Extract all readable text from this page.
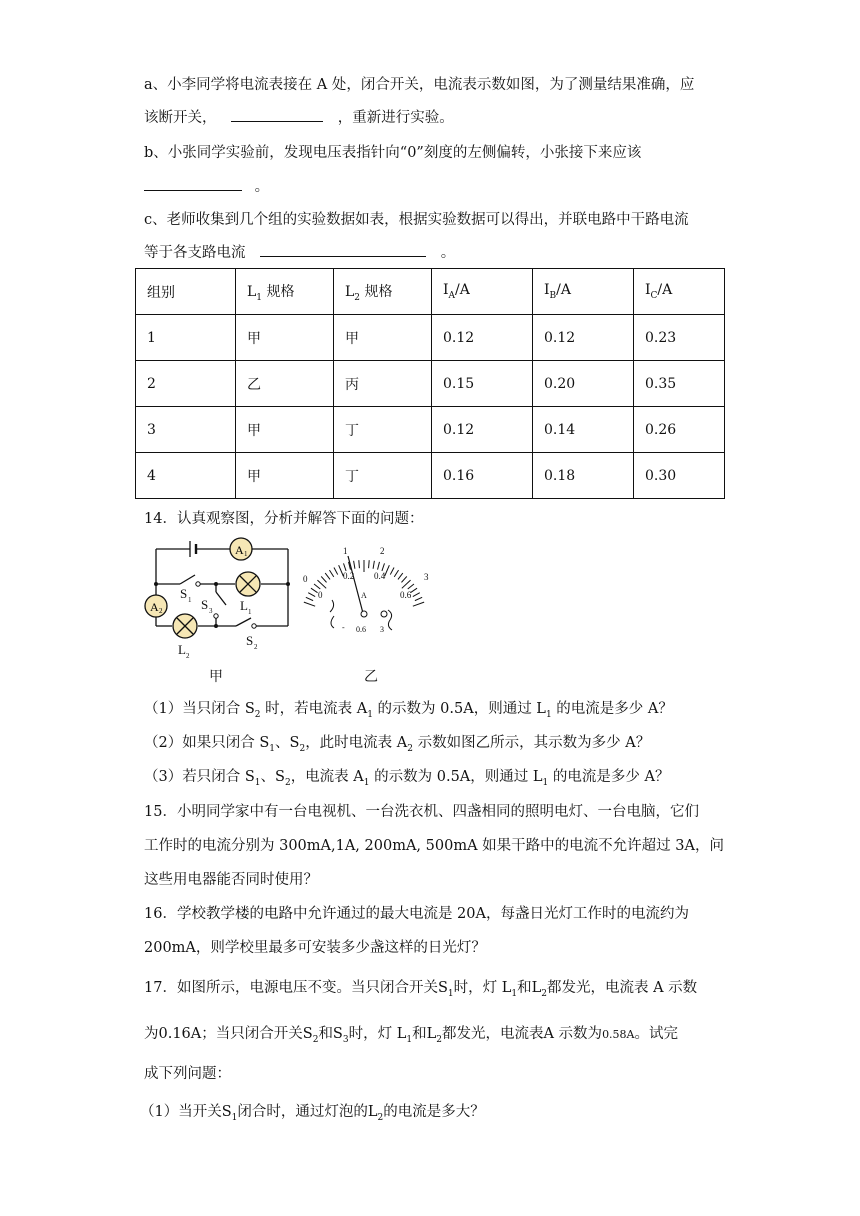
a、小李同学将电流表接在 A 处，闭合开关，电流表示数如图，为了测量结果准确，应
该断开关，	，重新进行实验。
b、小张同学实验前，发现电压表指针向“0”刻度的左侧偏转，小张接下来应该
。
c、老师收集到几个组的实验数据如表，根据实验数据可以得出，并联电路中干路电流
等于各支路电流	。
组别	$L_1$ 规格	$L_2$ 规格	$I_A/A$	$I_B/A$	$I_C/A$
1	甲	甲	0.12	0.12	0.23
2	乙	丙	0.15	0.20	0.35
3	甲	丁	0.12	0.14	0.26
4	甲	丁	0.16	0.18	0.30
14．认真观察图，分析并解答下面的问题：
A 1
A 2
S 1 S 3 L 1
S 2
L 2
1	2
0	3
0
0.2 0.4
0.6
A
- 0.6 3
甲	乙
（1）当只闭合 $S_2$ 时，若电流表 $A_1$ 的示数为 0.5A，则通过 $L_1$ 的电流是多少 A？
（2）如果只闭合 $S_1$、$S_2$，此时电流表 $A_2$ 示数如图乙所示，其示数为多少 A？
（3）若只闭合 $S_1$、$S_2$，电流表 $A_1$ 的示数为 0.5A，则通过 $L_1$ 的电流是多少 A？
15．小明同学家中有一台电视机、一台洗衣机、四盏相同的照明电灯、一台电脑，它们
工作时的电流分别为 300mA,1A, 200mA, 500mA 如果干路中的电流不允许超过 3A，问
这些用电器能否同时使用？
16．学校教学楼的电路中允许通过的最大电流是 20A，每盏日光灯工作时的电流约为
200mA，则学校里最多可安装多少盏这样的日光灯？
17．如图所示，电源电压不变。当只闭合开关$S_1$时，灯 $L_1$和$L_2$都发光，电流表 A 示数
为0.16A；当只闭合开关$S_2$和$S_3$时，灯 $L_1$和$L_2$都发光，电流表A 示数为0.58A。试完
成下列问题：
（1）当开关$S_1$闭合时，通过灯泡的$L_2$的电流是多大？
